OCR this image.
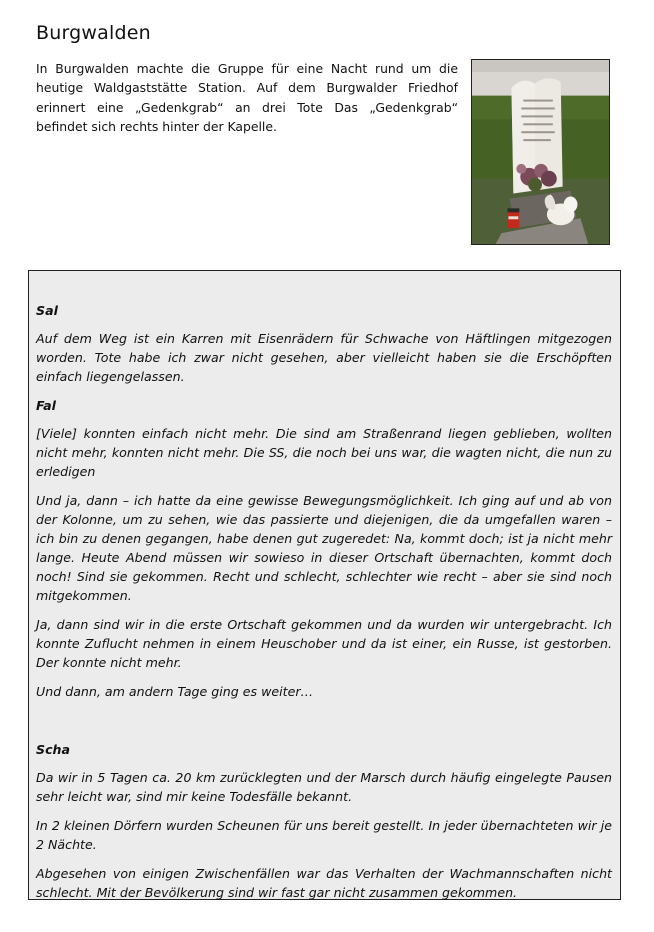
Burgwalden

In Burgwalden machte die Gruppe für eine Nacht rund um die heutige Waldgaststätte Station. Auf dem Burgwalder Friedhof erinnert eine „Gedenkgrab“ an drei Tote Das „Gedenkgrab“ befindet sich rechts hinter der Kapelle.

Sal

Auf dem Weg ist ein Karren mit Eisenrädern für Schwache von Häftlingen mitgezogen worden. Tote habe ich zwar nicht gesehen, aber vielleicht haben sie die Erschöpften einfach liegengelassen.

Fal

[Viele] konnten einfach nicht mehr. Die sind am Straßenrand liegen geblieben, wollten nicht mehr, konnten nicht mehr. Die SS, die noch bei uns war, die wagten nicht, die nun zu erledigen

Und ja, dann – ich hatte da eine gewisse Bewegungsmöglichkeit. Ich ging auf und ab von der Kolonne, um zu sehen, wie das passierte und diejenigen, die da umgefallen waren – ich bin zu denen gegangen, habe denen gut zugeredet: Na, kommt doch; ist ja nicht mehr lange. Heute Abend müssen wir sowieso in dieser Ortschaft übernachten, kommt doch noch! Sind sie gekommen. Recht und schlecht, schlechter wie recht – aber sie sind noch mitgekommen.

Ja, dann sind wir in die erste Ortschaft gekommen und da wurden wir untergebracht. Ich konnte Zuflucht nehmen in einem Heuschober und da ist einer, ein Russe, ist gestorben. Der konnte nicht mehr.

Und dann, am andern Tage ging es weiter…

Scha

Da wir in 5 Tagen ca. 20 km zurücklegten und der Marsch durch häufig eingelegte Pausen sehr leicht war, sind mir keine Todesfälle bekannt.

In 2 kleinen Dörfern wurden Scheunen für uns bereit gestellt. In jeder übernachteten wir je 2 Nächte.

Abgesehen von einigen Zwischenfällen war das Verhalten der Wachmannschaften nicht schlecht. Mit der Bevölkerung sind wir fast gar nicht zusammen gekommen.
